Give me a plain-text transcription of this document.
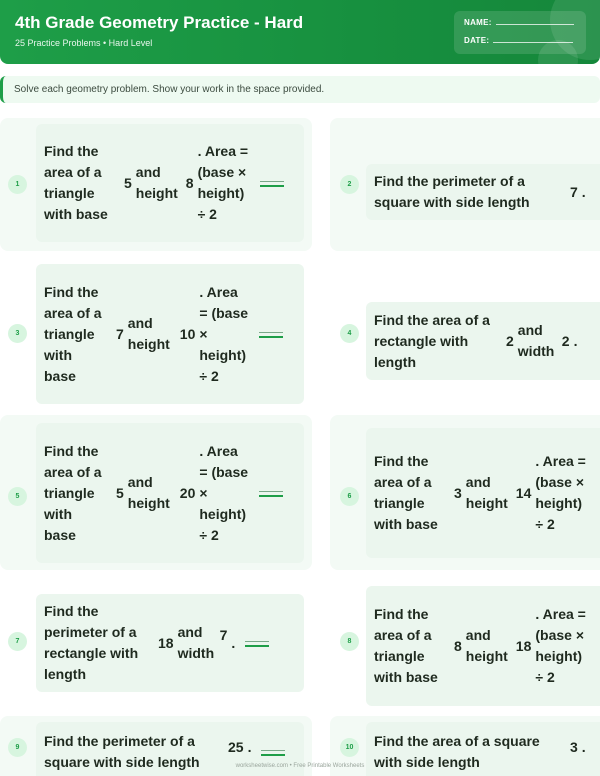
4th Grade Geometry Practice - Hard
25 Practice Problems • Hard Level
NAME:
DATE:
Solve each geometry problem. Show your work in the space provided.
1
Find the area of a triangle with base
5
and height
8
. Area = (base × height) ÷ 2
2	Find the perimeter of a square with side length
7 .
3
Find the area of a triangle with base
7
and height
10
. Area = (base × height) ÷ 2
4
Find the area of a rectangle with length
2
and width
2 .
5
Find the area of a triangle with base
5
and height
20
. Area = (base × height) ÷ 2
6
Find the area of a triangle with base
3
and height
14
. Area = (base × height) ÷ 2
7
Find the perimeter of a rectangle with length
18
and width
7 .	8
Find the area of a triangle with base
8
and height
18
. Area = (base × height) ÷ 2
9	Find the perimeter of a square with side length
25 .	10	Find the area of a square with side length
3 .
worksheetwise.com • Free Printable Worksheets
